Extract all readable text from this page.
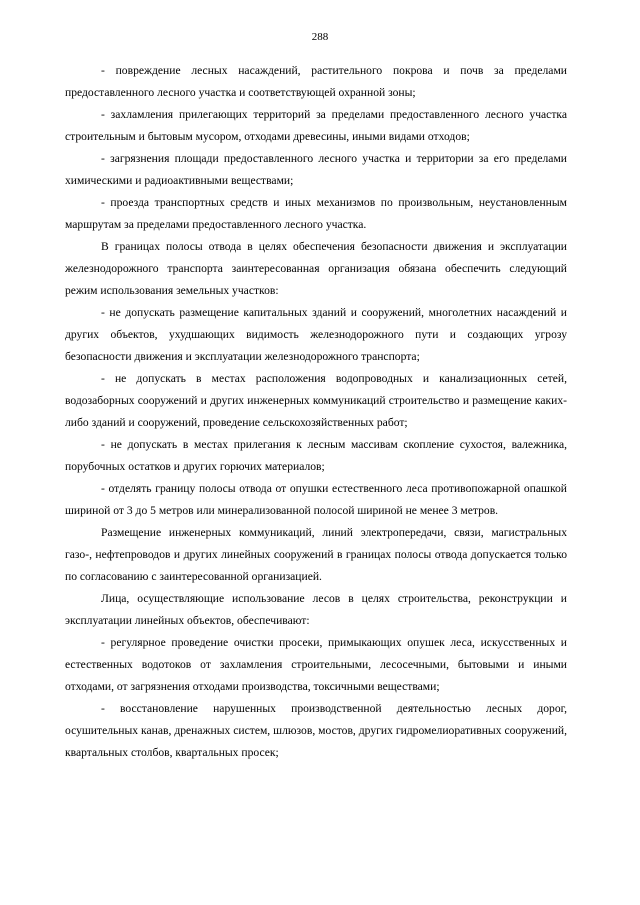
288

- повреждение лесных насаждений, растительного покрова и почв за пределами предоставленного лесного участка и соответствующей охранной зоны;

- захламления прилегающих территорий за пределами предоставленного лесного участка строительным и бытовым мусором, отходами древесины, иными видами отходов;

- загрязнения площади предоставленного лесного участка и территории за его пределами химическими и радиоактивными веществами;

- проезда транспортных средств и иных механизмов по произвольным, неустановленным маршрутам за пределами предоставленного лесного участка.

В границах полосы отвода в целях обеспечения безопасности движения и эксплуатации железнодорожного транспорта заинтересованная организация обязана обеспечить следующий режим использования земельных участков:

- не допускать размещение капитальных зданий и сооружений, многолетних насаждений и других объектов, ухудшающих видимость железнодорожного пути и создающих угрозу безопасности движения и эксплуатации железнодорожного транспорта;

- не допускать в местах расположения водопроводных и канализационных сетей, водозаборных сооружений и других инженерных коммуникаций строительство и размещение каких-либо зданий и сооружений, проведение сельскохозяйственных работ;

- не допускать в местах прилегания к лесным массивам скопление сухостоя, валежника, порубочных остатков и других горючих материалов;

- отделять границу полосы отвода от опушки естественного леса противопожарной опашкой шириной от 3 до 5 метров или минерализованной полосой шириной не менее 3 метров.

Размещение инженерных коммуникаций, линий электропередачи, связи, магистральных газо-, нефтепроводов и других линейных сооружений в границах полосы отвода допускается только по согласованию с заинтересованной организацией.

Лица, осуществляющие использование лесов в целях строительства, реконструкции и эксплуатации линейных объектов, обеспечивают:

- регулярное проведение очистки просеки, примыкающих опушек леса, искусственных и естественных водотоков от захламления строительными, лесосечными, бытовыми и иными отходами, от загрязнения отходами производства, токсичными веществами;

- восстановление нарушенных производственной деятельностью лесных дорог, осушительных канав, дренажных систем, шлюзов, мостов, других гидромелиоративных сооружений, квартальных столбов, квартальных просек;
